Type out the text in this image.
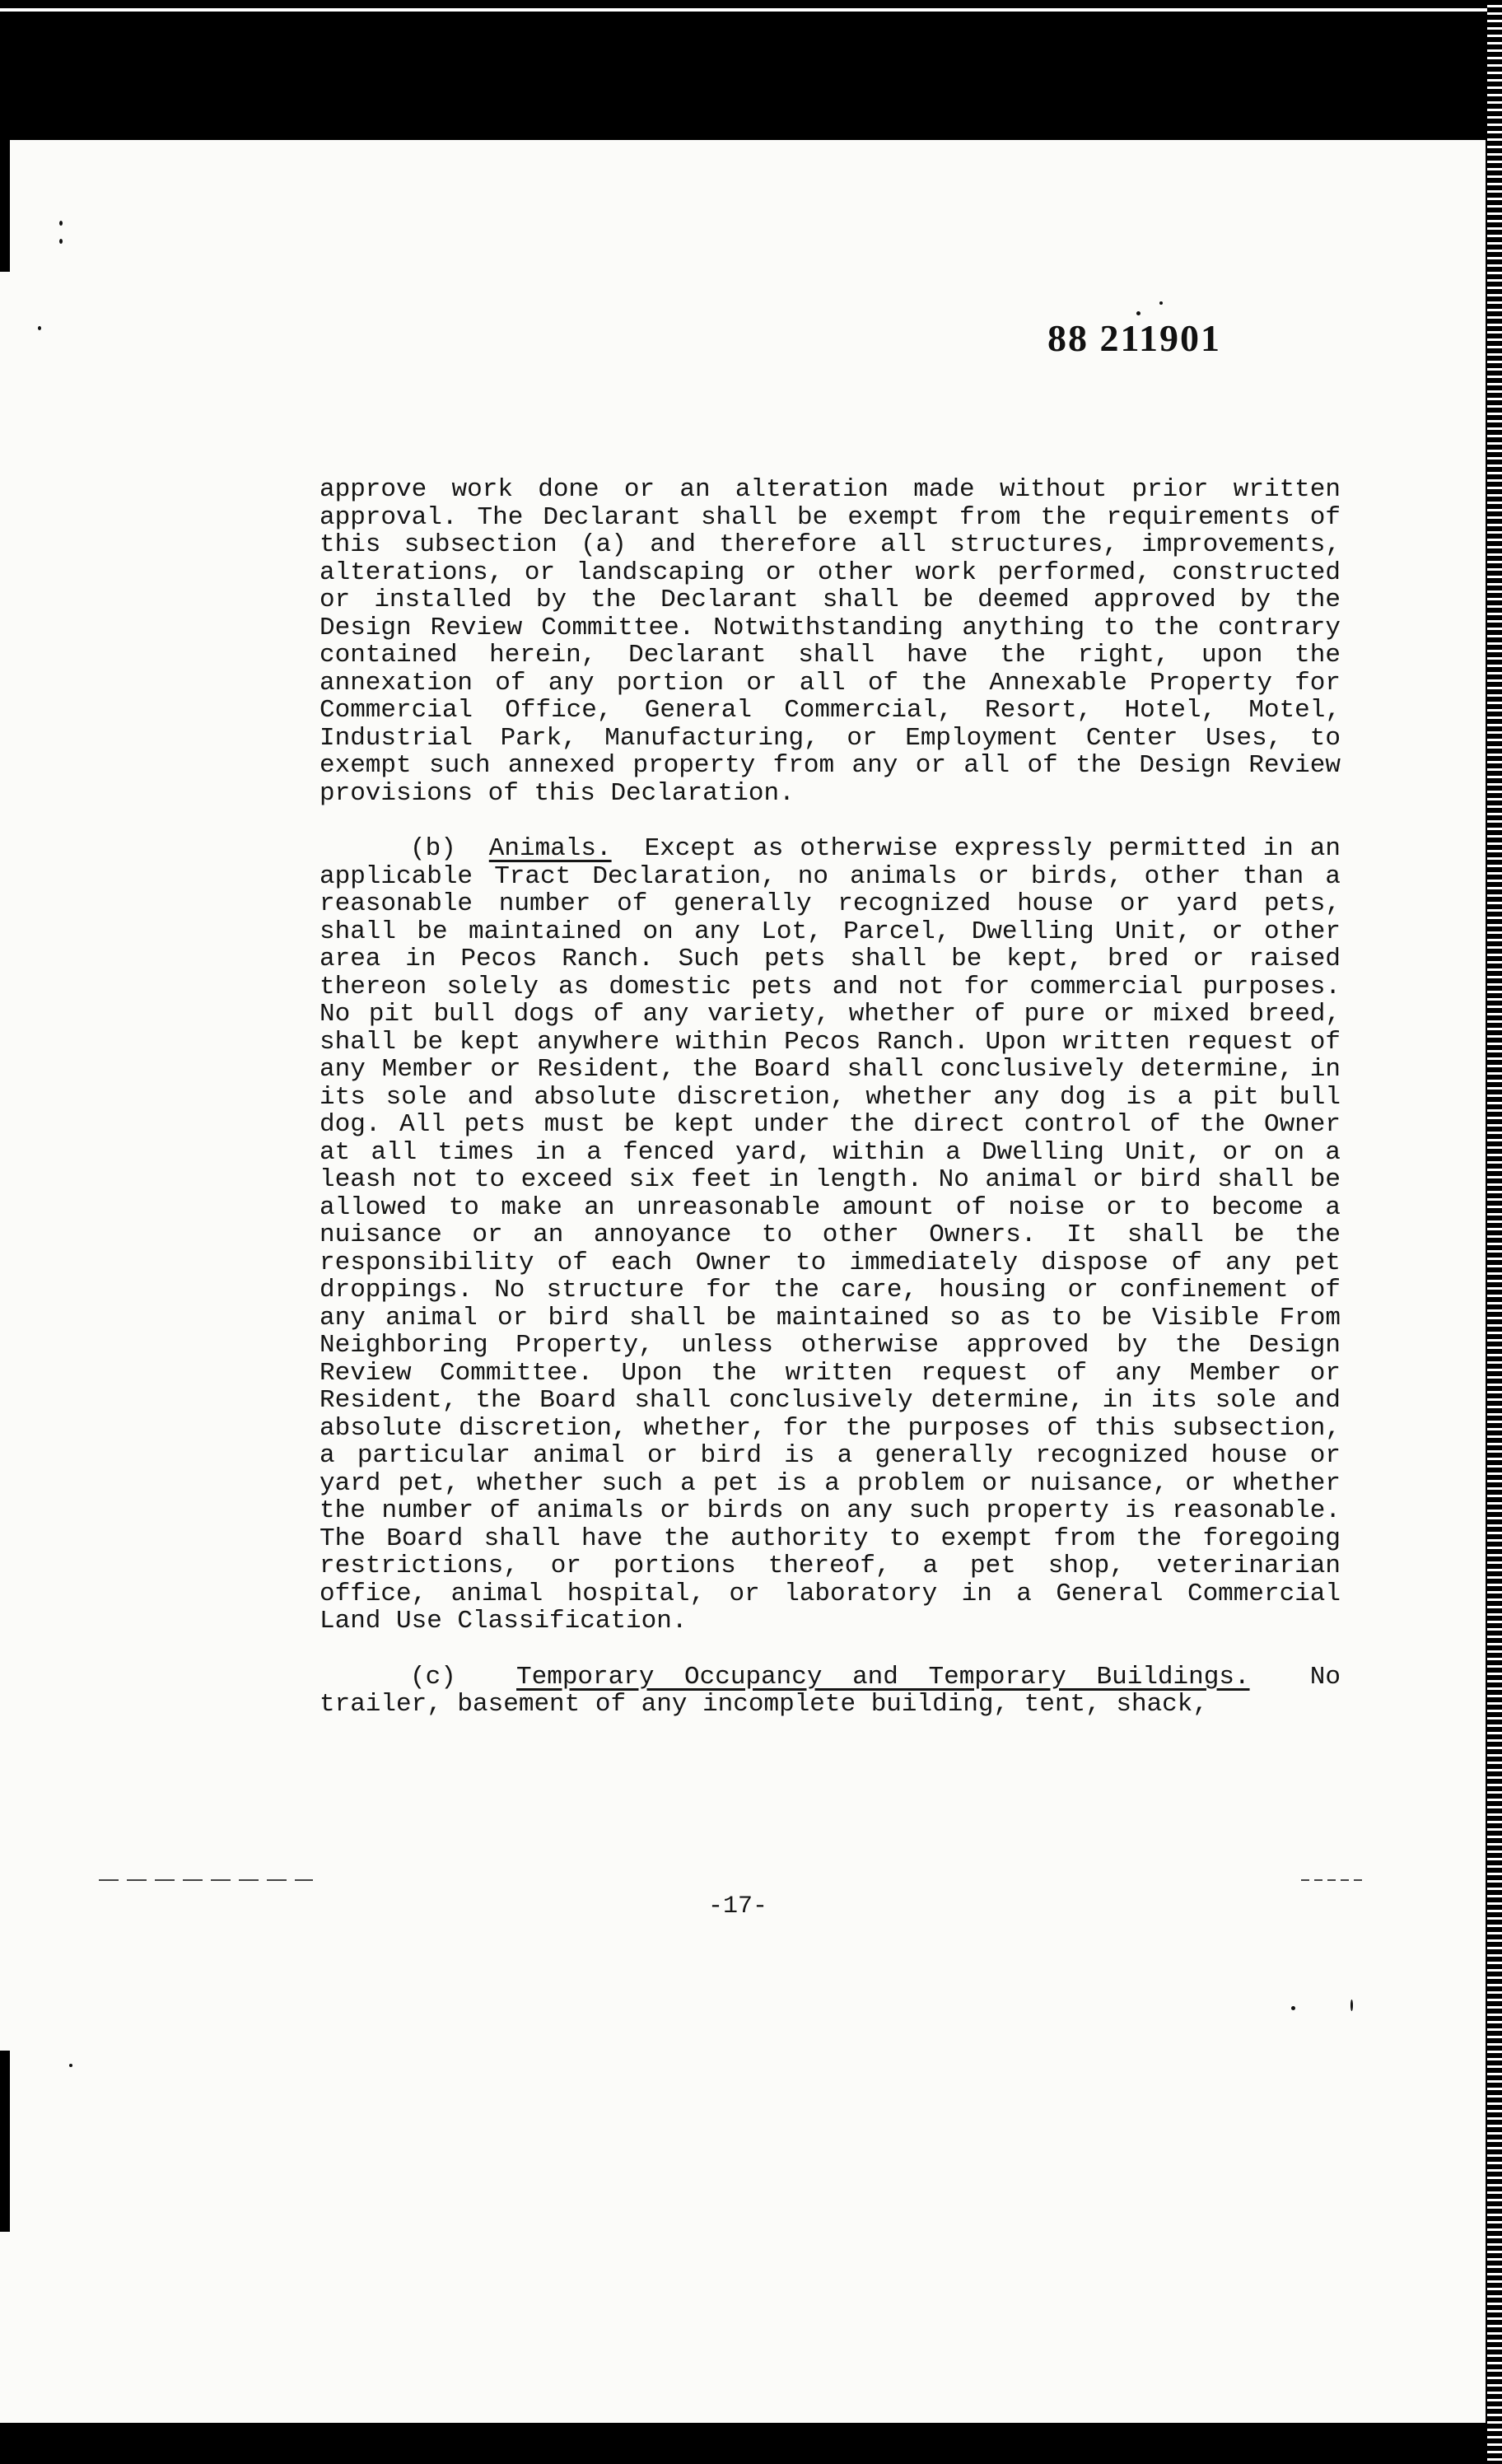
88 211901

approve work done or an alteration made without prior written approval. The Declarant shall be exempt from the requirements of this subsection (a) and therefore all structures, improvements, alterations, or landscaping or other work performed, constructed or installed by the Declarant shall be deemed approved by the Design Review Committee. Notwithstanding anything to the contrary contained herein, Declarant shall have the right, upon the annexation of any portion or all of the Annexable Property for Commercial Office, General Commercial, Resort, Hotel, Motel, Industrial Park, Manufacturing, or Employment Center Uses, to exempt such annexed property from any or all of the Design Review provisions of this Declaration.

(b) Animals. Except as otherwise expressly permitted in an applicable Tract Declaration, no animals or birds, other than a reasonable number of generally recognized house or yard pets, shall be maintained on any Lot, Parcel, Dwelling Unit, or other area in Pecos Ranch. Such pets shall be kept, bred or raised thereon solely as domestic pets and not for commercial purposes. No pit bull dogs of any variety, whether of pure or mixed breed, shall be kept anywhere within Pecos Ranch. Upon written request of any Member or Resident, the Board shall conclusively determine, in its sole and absolute discretion, whether any dog is a pit bull dog. All pets must be kept under the direct control of the Owner at all times in a fenced yard, within a Dwelling Unit, or on a leash not to exceed six feet in length. No animal or bird shall be allowed to make an unreasonable amount of noise or to become a nuisance or an annoyance to other Owners. It shall be the responsibility of each Owner to immediately dispose of any pet droppings. No structure for the care, housing or confinement of any animal or bird shall be maintained so as to be Visible From Neighboring Property, unless otherwise approved by the Design Review Committee. Upon the written request of any Member or Resident, the Board shall conclusively determine, in its sole and absolute discretion, whether, for the purposes of this subsection, a particular animal or bird is a generally recognized house or yard pet, whether such a pet is a problem or nuisance, or whether the number of animals or birds on any such property is reasonable. The Board shall have the authority to exempt from the foregoing restrictions, or portions thereof, a pet shop, veterinarian office, animal hospital, or laboratory in a General Commercial Land Use Classification.

(c) Temporary Occupancy and Temporary Buildings. No trailer, basement of any incomplete building, tent, shack,

-17-
